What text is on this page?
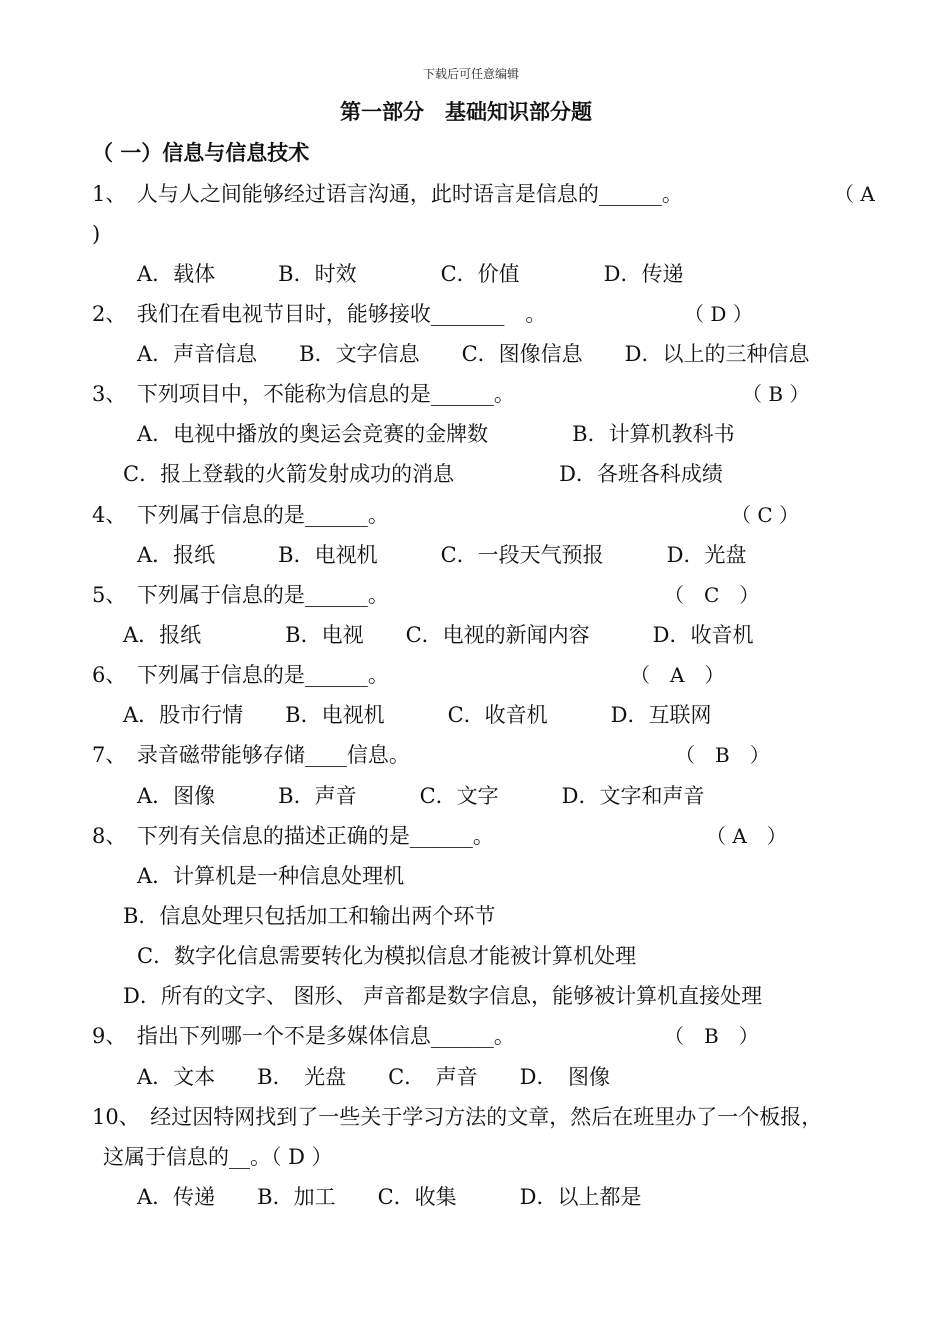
下载后可任意编辑
第一部分　基础知识部分题
（ 一）信息与信息技术
1、　人与人之间能够经过语言沟通，此时语言是信息的______。	（ A
)
A．载体　　　B．时效　　　　C．价值　　　　D．传递
2、　我们在看电视节目时，能够接收_______　。	（ D ）
A．声音信息　　B．文字信息　　C．图像信息　　D．以上的三种信息
3、　下列项目中，不能称为信息的是______。	（ B ）
A．电视中播放的奥运会竞赛的金牌数　　　　B．计算机教科书
C．报上登载的火箭发射成功的消息　　　　　D．各班各科成绩
4、　下列属于信息的是______。	（ C ）
A．报纸　　　B．电视机　　　C．一段天气预报　　　D．光盘
5、　下列属于信息的是______。	（　C　）
A．报纸　　　　B．电视　　C．电视的新闻内容　　　D．收音机
6、　下列属于信息的是______。	（　A　）
A．股市行情　　B．电视机　　　C．收音机　　　D．互联网
7、　录音磁带能够存储____信息。	（　B　）
A．图像　　　B．声音　　　C．文字　　　D．文字和声音
8、　下列有关信息的描述正确的是______。	（ A　）
A．计算机是一种信息处理机
B．信息处理只包括加工和输出两个环节
C．数字化信息需要转化为模拟信息才能被计算机处理
D．所有的文字、 图形、 声音都是数字信息，能够被计算机直接处理
9、　指出下列哪一个不是多媒体信息______。	（　B　）
A．文本　　B．　光盘　　C．　声音　　D．　图像
10、　经过因特网找到了一些关于学习方法的文章，然后在班里办了一个板报，
这属于信息的__。（ D ）
A．传递　　B．加工　　C．收集　　　D．以上都是
